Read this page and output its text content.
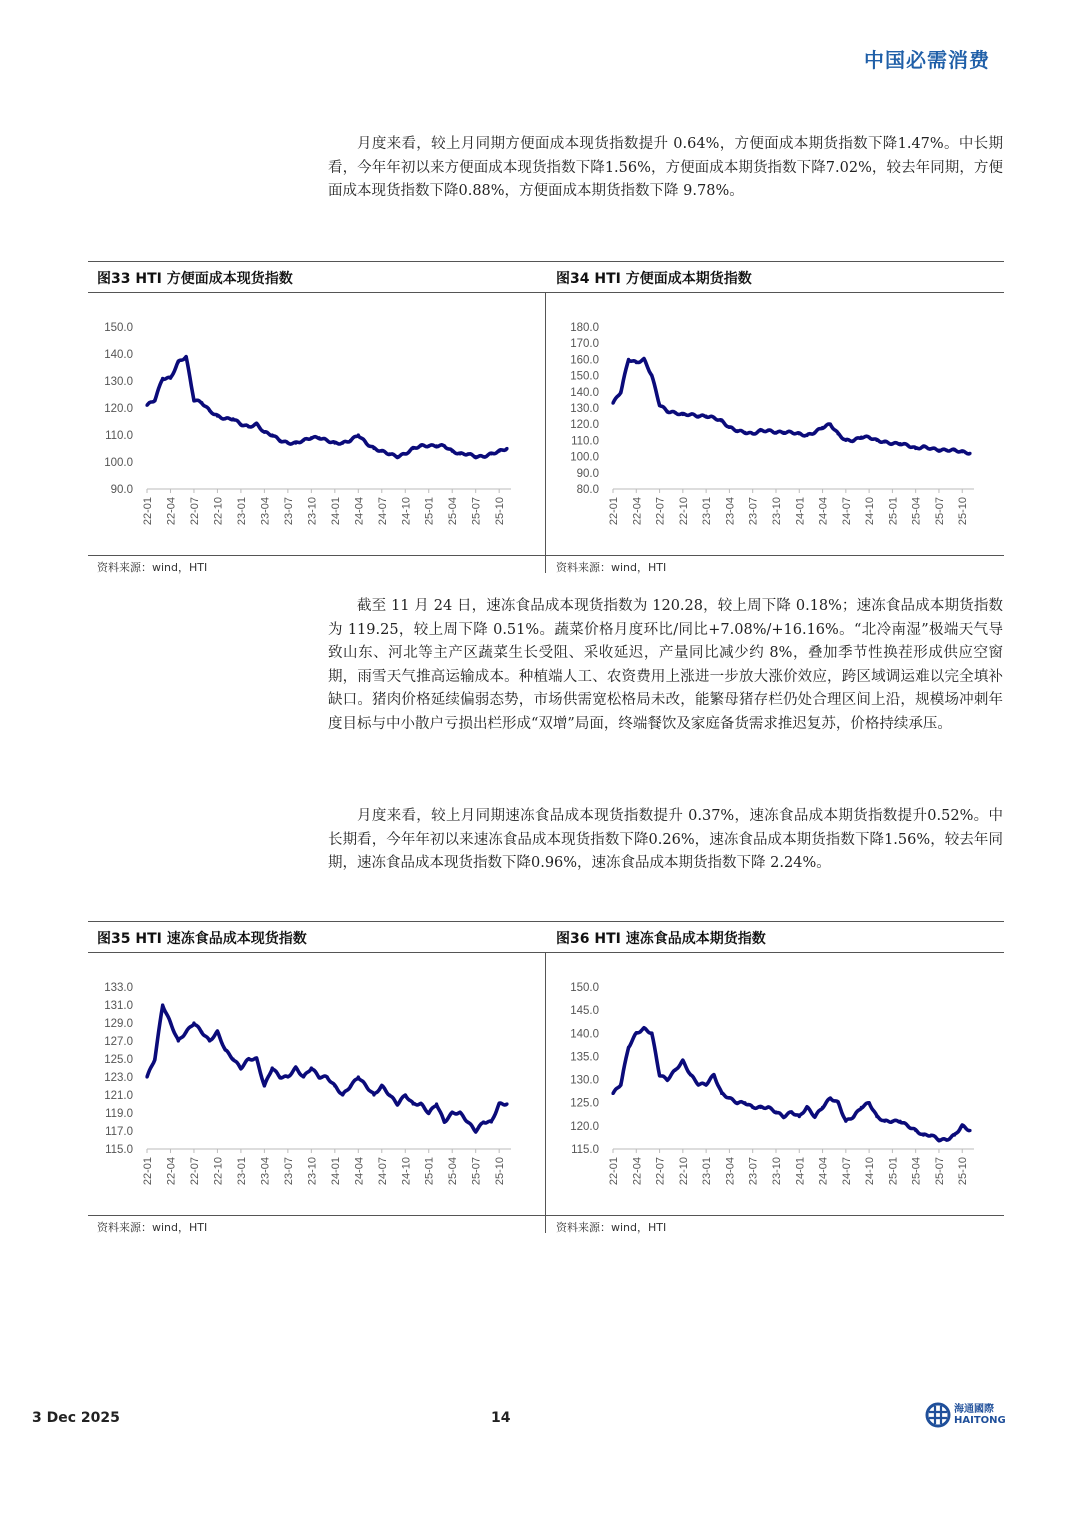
中国必需消费

月度来看，较上月同期方便面成本现货指数提升 0.64%，方便面成本期货指数下降1.47%。中长期看，今年年初以来方便面成本现货指数下降1.56%，方便面成本期货指数下降7.02%，较去年同期，方便面成本现货指数下降0.88%，方便面成本期货指数下降 9.78%。

图33 HTI 方便面成本现货指数	图34 HTI 方便面成本期货指数
150.0
140.0
130.0
120.0
110.0
100.0
90.0
22-01 22-04 22-07 22-10 23-01 23-04 23-07 23-10 24-01 24-04 24-07 24-10 25-01 25-04 25-07 25-10
180.0
170.0
160.0
150.0
140.0
130.0
120.0
110.0
100.0
90.0
80.0
22-01 22-04 22-07 22-10 23-01 23-04 23-07 23-10 24-01 24-04 24-07 24-10 25-01 25-04 25-07 25-10
资料来源：wind，HTI	资料来源：wind，HTI

截至 11 月 24 日，速冻食品成本现货指数为 120.28，较上周下降 0.18%；速冻食品成本期货指数为 119.25，较上周下降 0.51%。蔬菜价格月度环比/同比+7.08%/+16.16%。“北冷南湿”极端天气导致山东、河北等主产区蔬菜生长受阻、采收延迟，产量同比减少约 8%，叠加季节性换茬形成供应空窗期，雨雪天气推高运输成本。种植端人工、农资费用上涨进一步放大涨价效应，跨区域调运难以完全填补缺口。猪肉价格延续偏弱态势，市场供需宽松格局未改，能繁母猪存栏仍处合理区间上沿，规模场冲刺年度目标与中小散户亏损出栏形成“双增”局面，终端餐饮及家庭备货需求推迟复苏，价格持续承压。

月度来看，较上月同期速冻食品成本现货指数提升 0.37%，速冻食品成本期货指数提升0.52%。中长期看，今年年初以来速冻食品成本现货指数下降0.26%，速冻食品成本期货指数下降1.56%，较去年同期，速冻食品成本现货指数下降0.96%，速冻食品成本期货指数下降 2.24%。

图35 HTI 速冻食品成本现货指数	图36 HTI 速冻食品成本期货指数
133.0
131.0
129.0
127.0
125.0
123.0
121.0
119.0
117.0
115.0
22-01 22-04 22-07 22-10 23-01 23-04 23-07 23-10 24-01 24-04 24-07 24-10 25-01 25-04 25-07 25-10
150.0
145.0
140.0
135.0
130.0
125.0
120.0
115.0
22-01 22-04 22-07 22-10 23-01 23-04 23-07 23-10 24-01 24-04 24-07 24-10 25-01 25-04 25-07 25-10
资料来源：wind，HTI	资料来源：wind，HTI
3 Dec 2025	14
海通國際
HAITONG
